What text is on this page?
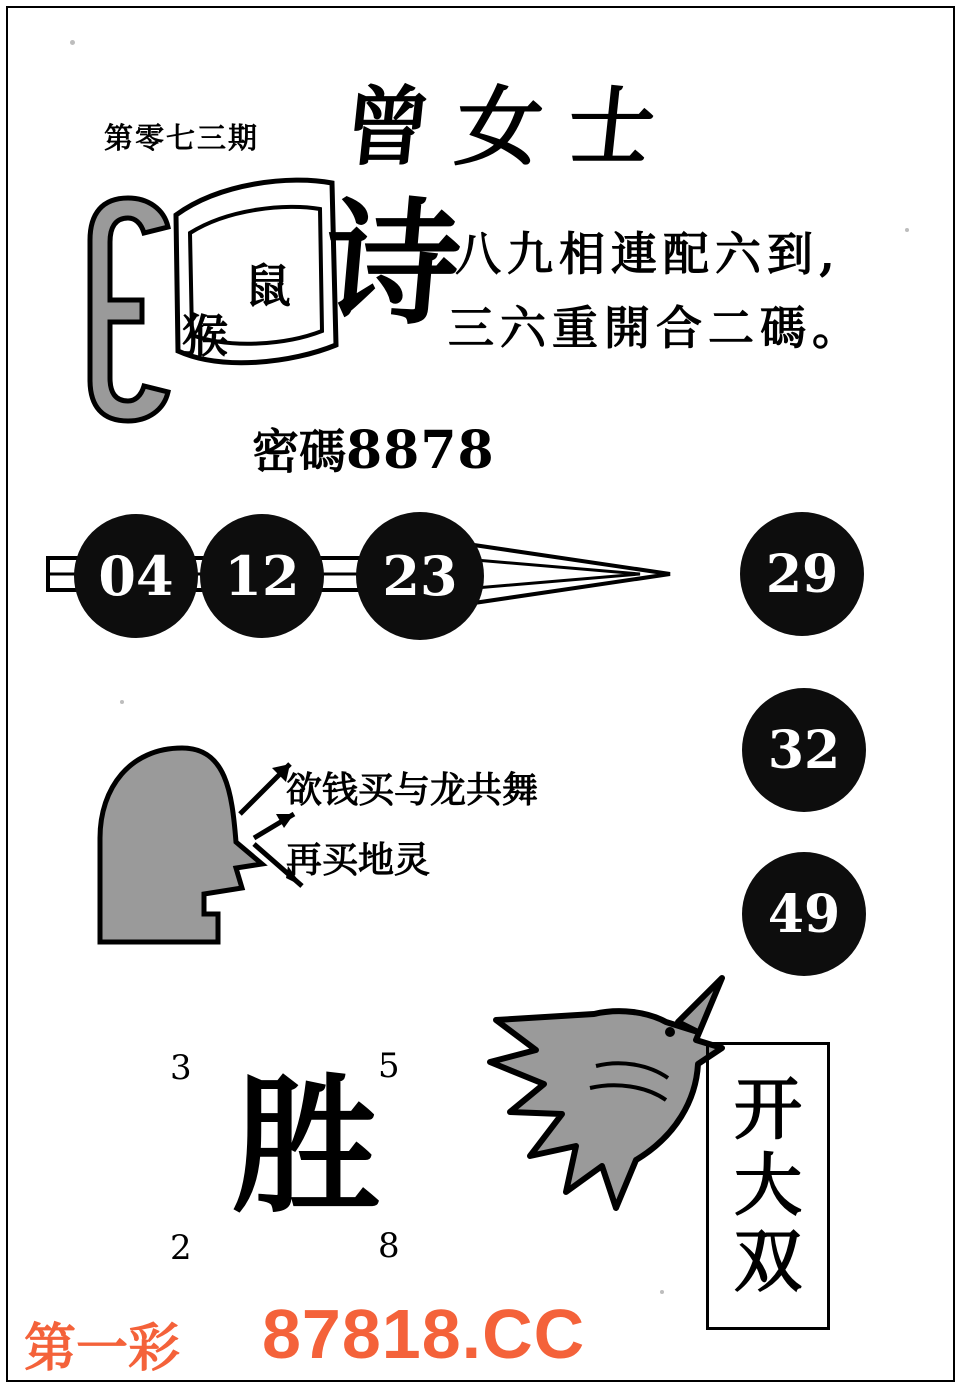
第零七三期 曾女士
鼠
猴 诗
八九相連配六到,
三六重開合二碼。
密碼8878
04 12	23	29
32
49
欲钱买与龙共舞
再买地灵
3	5
2	8
胜	开
大
双
第一彩 87818.CC
